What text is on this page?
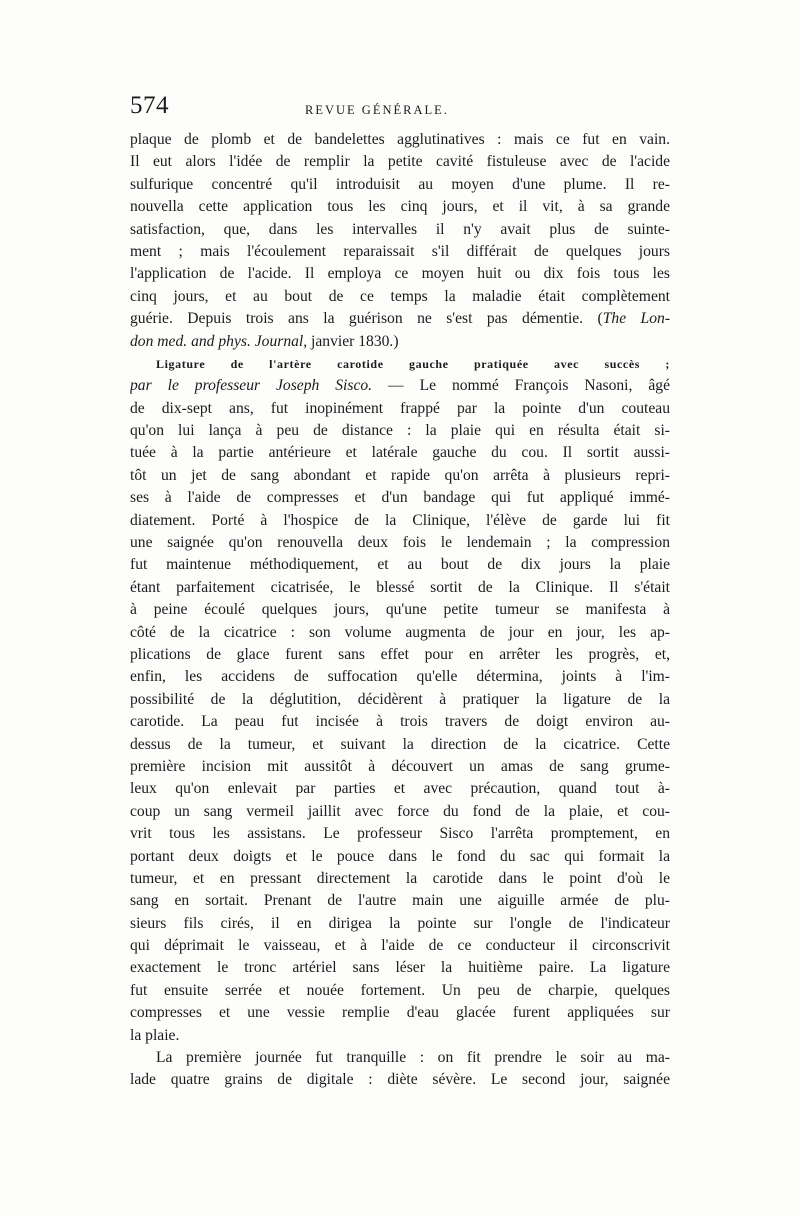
574	REVUE GÉNÉRALE.
plaque de plomb et de bandelettes agglutinatives : mais ce fut en vain.
Il eut alors l'idée de remplir la petite cavité fistuleuse avec de l'acide
sulfurique concentré qu'il introduisit au moyen d'une plume. Il re-
nouvella cette application tous les cinq jours, et il vit, à sa grande
satisfaction, que, dans les intervalles il n'y avait plus de suinte-
ment ; mais l'écoulement reparaissait s'il différait de quelques jours
l'application de l'acide. Il employa ce moyen huit ou dix fois tous les
cinq jours, et au bout de ce temps la maladie était complètement
guérie. Depuis trois ans la guérison ne s'est pas démentie. (The Lon-
don med. and phys. Journal, janvier 1830.)
Ligature de l'artère carotide gauche pratiquée avec succès ;
par le professeur Joseph Sisco. — Le nommé François Nasoni, âgé
de dix-sept ans, fut inopinément frappé par la pointe d'un couteau
qu'on lui lança à peu de distance : la plaie qui en résulta était si-
tuée à la partie antérieure et latérale gauche du cou. Il sortit aussi-
tôt un jet de sang abondant et rapide qu'on arrêta à plusieurs repri-
ses à l'aide de compresses et d'un bandage qui fut appliqué immé-
diatement. Porté à l'hospice de la Clinique, l'élève de garde lui fit
une saignée qu'on renouvella deux fois le lendemain ; la compression
fut maintenue méthodiquement, et au bout de dix jours la plaie
étant parfaitement cicatrisée, le blessé sortit de la Clinique. Il s'était
à peine écoulé quelques jours, qu'une petite tumeur se manifesta à
côté de la cicatrice : son volume augmenta de jour en jour, les ap-
plications de glace furent sans effet pour en arrêter les progrès, et,
enfin, les accidens de suffocation qu'elle détermina, joints à l'im-
possibilité de la déglutition, décidèrent à pratiquer la ligature de la
carotide. La peau fut incisée à trois travers de doigt environ au-
dessus de la tumeur, et suivant la direction de la cicatrice. Cette
première incision mit aussitôt à découvert un amas de sang grume-
leux qu'on enlevait par parties et avec précaution, quand tout à-
coup un sang vermeil jaillit avec force du fond de la plaie, et cou-
vrit tous les assistans. Le professeur Sisco l'arrêta promptement, en
portant deux doigts et le pouce dans le fond du sac qui formait la
tumeur, et en pressant directement la carotide dans le point d'où le
sang en sortait. Prenant de l'autre main une aiguille armée de plu-
sieurs fils cirés, il en dirigea la pointe sur l'ongle de l'indicateur
qui déprimait le vaisseau, et à l'aide de ce conducteur il circonscrivit
exactement le tronc artériel sans léser la huitième paire. La ligature
fut ensuite serrée et nouée fortement. Un peu de charpie, quelques
compresses et une vessie remplie d'eau glacée furent appliquées sur
la plaie.
La première journée fut tranquille : on fit prendre le soir au ma-
lade quatre grains de digitale : diète sévère. Le second jour, saignée
